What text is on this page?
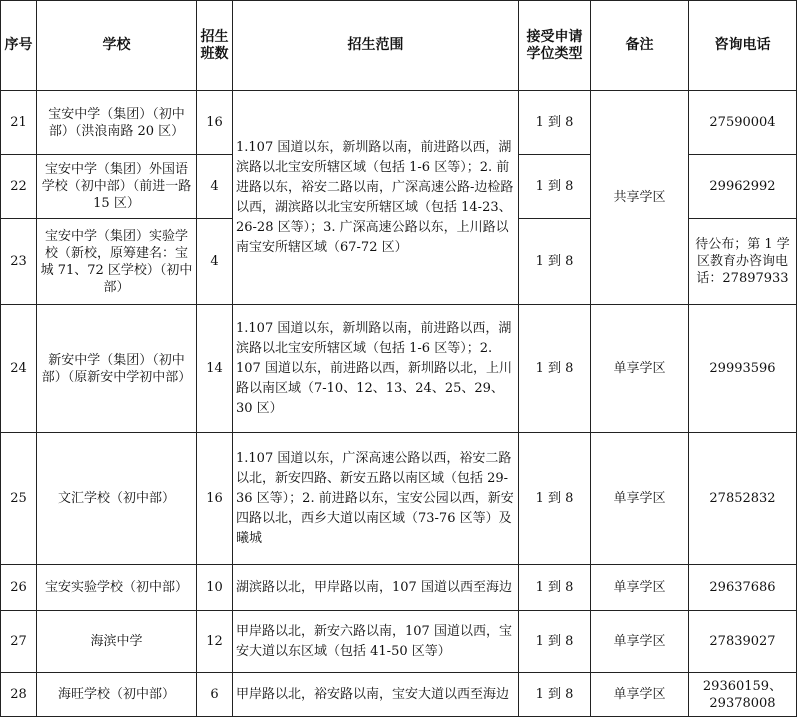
序号	学校	招生班数	招生范围	接受申请学位类型	备注	咨询电话
21	宝安中学（集团）（初中部）（洪浪南路 20 区）	16	1.107 国道以东，新圳路以南，前进路以西，湖滨路以北宝安所辖区域（包括 1-6 区等）；2. 前进路以东，裕安二路以南，广深高速公路-边检路以西，湖滨路以北宝安所辖区域（包括 14-23、26-28 区等）；3. 广深高速公路以东，上川路以南宝安所辖区域（67-72 区）	1 到 8	共享学区	27590004
22	宝安中学（集团）外国语学校（初中部）（前进一路 15 区）	4		1 到 8		29962992
23	宝安中学（集团）实验学校（新校，原筹建名：宝城 71、72 区学校）（初中部）	4		1 到 8		待公布；第 1 学区教育办咨询电话：27897933
24	新安中学（集团）（初中部）（原新安中学初中部）	14	1.107 国道以东，新圳路以南，前进路以西，湖滨路以北宝安所辖区域（包括 1-6 区等）；2. 107 国道以东，前进路以西，新圳路以北，上川路以南区域（7-10、12、13、24、25、29、30 区）	1 到 8	单享学区	29993596
25	文汇学校（初中部）	16	1.107 国道以东，广深高速公路以西，裕安二路以北，新安四路、新安五路以南区域（包括 29-36 区等）；2. 前进路以东，宝安公园以西，新安四路以北，西乡大道以南区域（73-76 区等）及曦城	1 到 8	单享学区	27852832
26	宝安实验学校（初中部）	10	湖滨路以北，甲岸路以南，107 国道以西至海边	1 到 8	单享学区	29637686
27	海滨中学	12	甲岸路以北，新安六路以南，107 国道以西，宝安大道以东区域（包括 41-50 区等）	1 到 8	单享学区	27839027
28	海旺学校（初中部）	6	甲岸路以北，裕安路以南，宝安大道以西至海边	1 到 8	单享学区	29360159、29378008
